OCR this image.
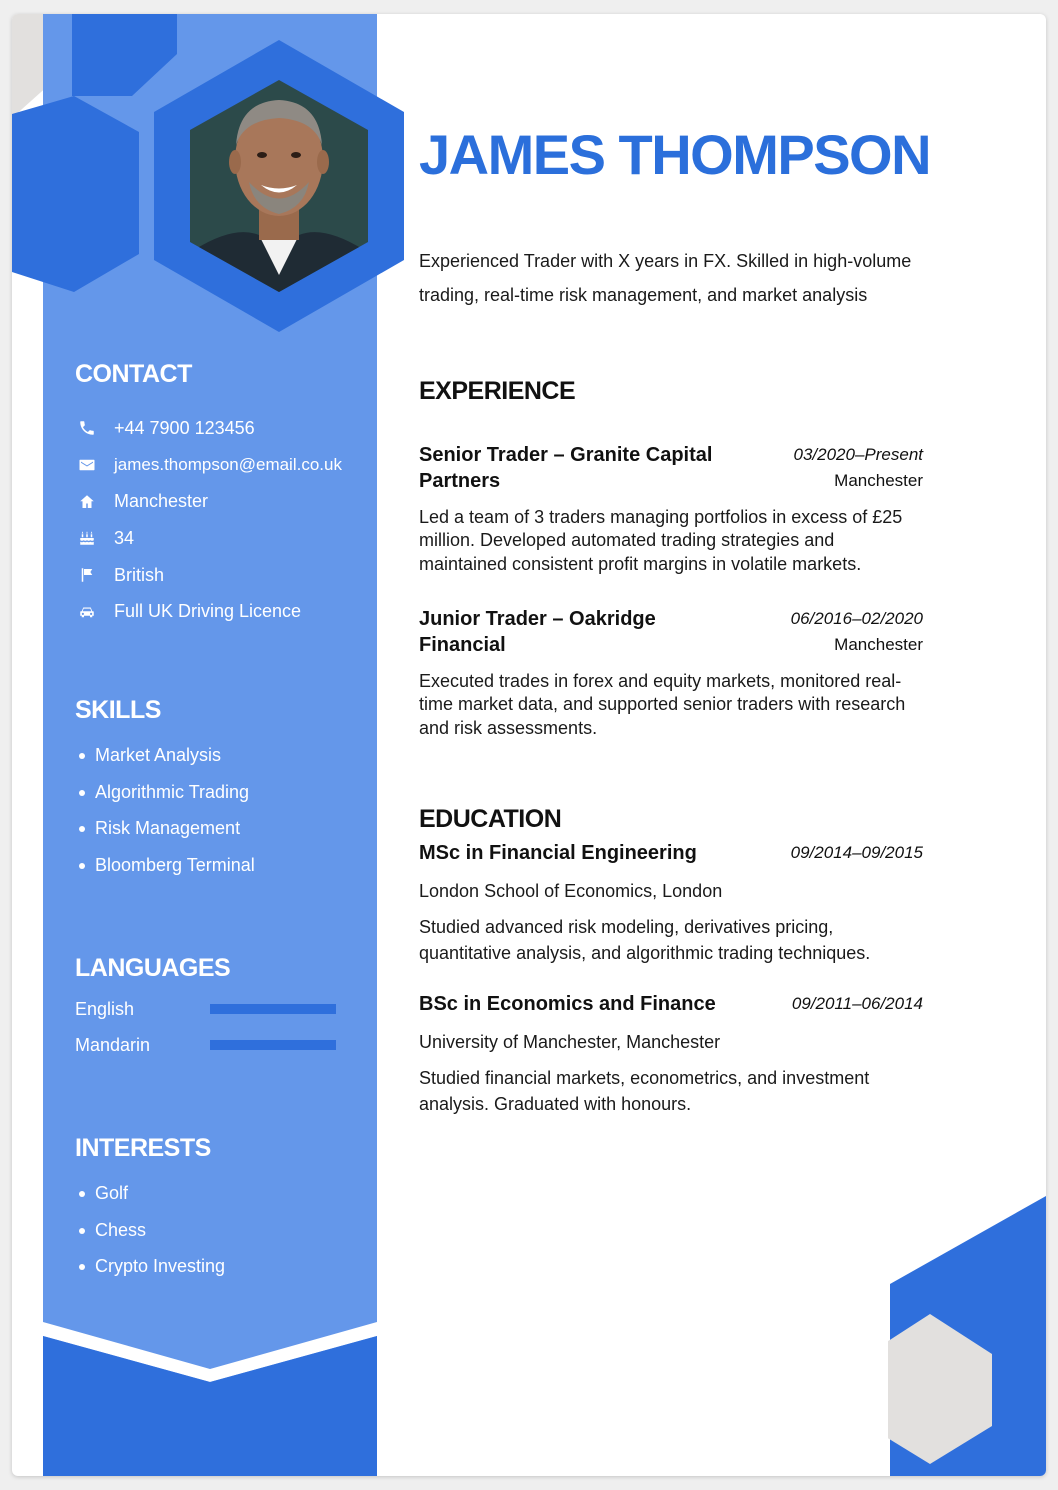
CONTACT
+44 7900 123456
james.thompson@email.co.uk
Manchester
34
British
Full UK Driving Licence
SKILLS
Market Analysis
Algorithmic Trading
Risk Management
Bloomberg Terminal
LANGUAGES
English
Mandarin
INTERESTS
Golf
Chess
Crypto Investing
JAMES THOMPSON

Experienced Trader with X years in FX. Skilled in high-volume trading, real-time risk management, and market analysis

EXPERIENCE
Senior Trader – Granite Capital Partners

03/2020–Present

Manchester

Led a team of 3 traders managing portfolios in excess of £25 million. Developed automated trading strategies and maintained consistent profit margins in volatile markets.

Junior Trader – Oakridge Financial

06/2016–02/2020

Manchester

Executed trades in forex and equity markets, monitored real-time market data, and supported senior traders with research and risk assessments.

EDUCATION
MSc in Financial Engineering	09/2014–09/2015

London School of Economics, London

Studied advanced risk modeling, derivatives pricing, quantitative analysis, and algorithmic trading techniques.

BSc in Economics and Finance	09/2011–06/2014

University of Manchester, Manchester

Studied financial markets, econometrics, and investment analysis. Graduated with honours.
